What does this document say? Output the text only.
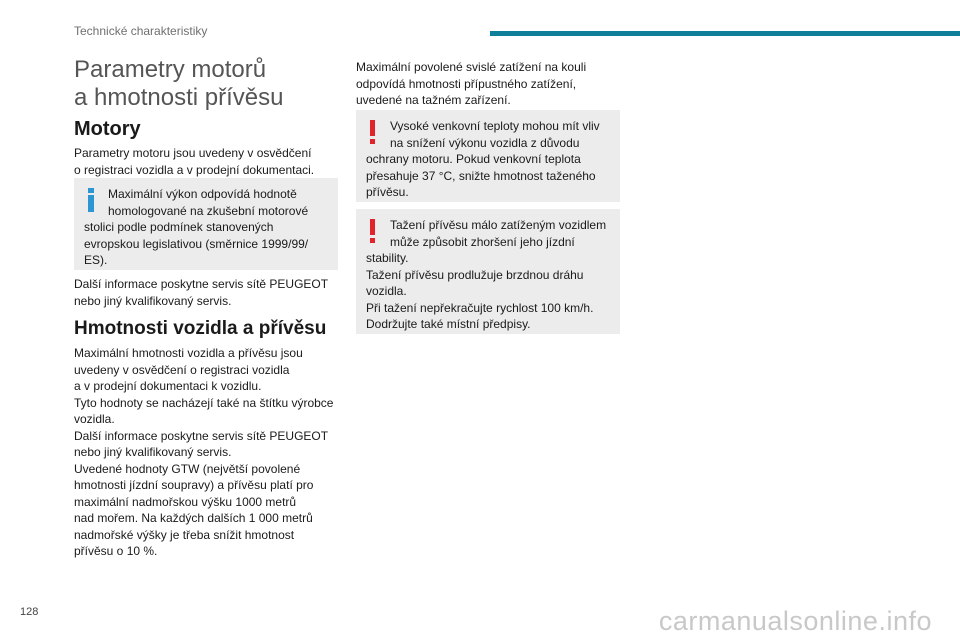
Technické charakteristiky
Parametry motorů
a hmotnosti přívěsu
Motory
Parametry motoru jsou uvedeny v osvědčení
o registraci vozidla a v prodejní dokumentaci.
Maximální výkon odpovídá hodnotě
homologované na zkušební motorové
stolici podle podmínek stanovených
evropskou legislativou (směrnice 1999/99/
ES).
Další informace poskytne servis sítě PEUGEOT
nebo jiný kvalifikovaný servis.
Hmotnosti vozidla a přívěsu
Maximální hmotnosti vozidla a přívěsu jsou
uvedeny v osvědčení o registraci vozidla
a v prodejní dokumentaci k vozidlu.
Tyto hodnoty se nacházejí také na štítku výrobce
vozidla.
Další informace poskytne servis sítě PEUGEOT
nebo jiný kvalifikovaný servis.
Uvedené hodnoty GTW (největší povolené
hmotnosti jízdní soupravy) a přívěsu platí pro
maximální nadmořskou výšku 1000 metrů
nad mořem. Na každých dalších 1 000 metrů
nadmořské výšky je třeba snížit hmotnost
přívěsu o 10 %.
Maximální povolené svislé zatížení na kouli
odpovídá hmotnosti přípustného zatížení,
uvedené na tažném zařízení.
Vysoké venkovní teploty mohou mít vliv
na snížení výkonu vozidla z důvodu
ochrany motoru. Pokud venkovní teplota
přesahuje 37 °C, snižte hmotnost taženého
přívěsu.
Tažení přívěsu málo zatíženým vozidlem
může způsobit zhoršení jeho jízdní
stability.
Tažení přívěsu prodlužuje brzdnou dráhu
vozidla.
Při tažení nepřekračujte rychlost 100 km/h.
Dodržujte také místní předpisy.
128	carmanualsonline.info
